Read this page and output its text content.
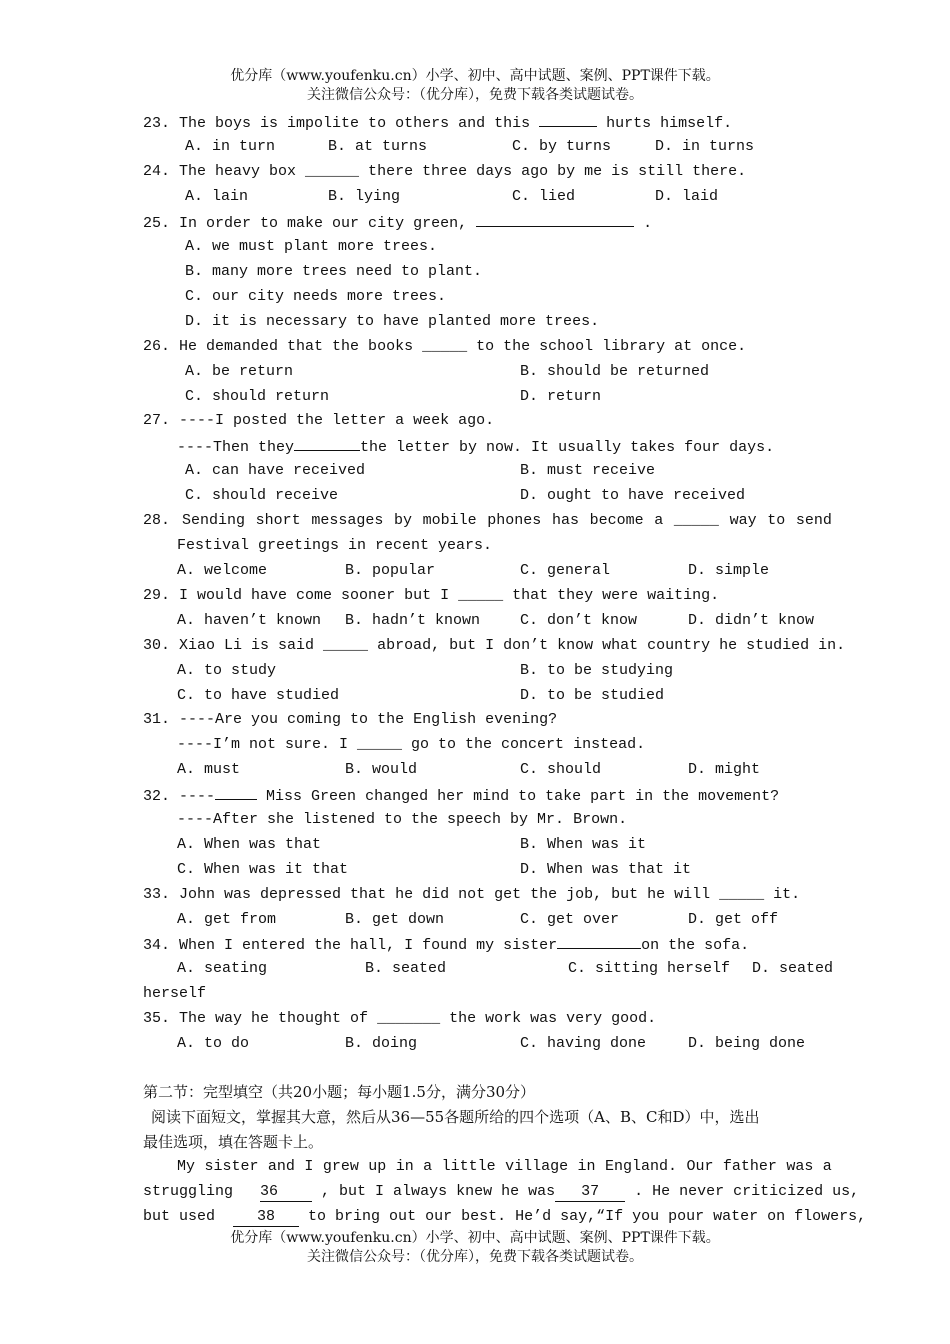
优分库（www.youfenku.cn）小学、初中、高中试题、案例、PPT课件下载。
关注微信公众号：（优分库），免费下载各类试题试卷。
23. The boys is impolite to others and this	hurts himself.
A. in turn	B. at turns	C. by turns	D. in turns
24. The heavy box ______ there three days ago by me is still there.
A. lain	B. lying	C. lied	D. laid
25. In order to make our city green,	.
A. we must plant more trees.
B. many more trees need to plant.
C. our city needs more trees.
D. it is necessary to have planted more trees.
26. He demanded that the books _____ to the school library at once.
A. be return	B. should be returned
C. should return	D. return
27. ----I posted the letter a week ago.
----Then they	the letter by now. It usually takes four days.
A. can have received	B. must receive
C. should receive	D. ought to have received
28. Sending short messages by mobile phones has become a _____ way to send
Festival greetings in recent years.
A. welcome	B. popular	C. general	D. simple
29. I would have come sooner but I _____ that they were waiting.
A. haven’t known B. hadn’t known	C. don’t know	D. didn’t know
30. Xiao Li is said _____ abroad, but I don’t know what country he studied in.
A. to study	B. to be studying
C. to have studied	D. to be studied
31. ----Are you coming to the English evening?
----I’m not sure. I _____ go to the concert instead.
A. must	B. would	C. should	D. might
32. ----	Miss Green changed her mind to take part in the movement?
----After she listened to the speech by Mr. Brown.
A. When was that	B. When was it
C. When was it that	D. When was that it
33. John was depressed that he did not get the job, but he will _____ it.
A. get from	B. get down	C. get over	D. get off
34. When I entered the hall, I found my sister	on the sofa.
A. seating	B. seated	C. sitting herself D. seated
herself
35. The way he thought of _______ the work was very good.
A. to do	B. doing	C. having done	D. being done
第二节：完型填空（共20小题；每小题1.5分，满分30分）
阅读下面短文，掌握其大意，然后从36—55各题所给的四个选项（A、B、C和D）中，选出
最佳选项，填在答题卡上。
My sister and I grew up in a little village in England. Our father was a
struggling 36	, but I always knew he was 37 . He never criticized us,
but used	38 to bring out our best. He’d say,“If you pour water on flowers,
优分库（www.youfenku.cn）小学、初中、高中试题、案例、PPT课件下载。
关注微信公众号：（优分库），免费下载各类试题试卷。
